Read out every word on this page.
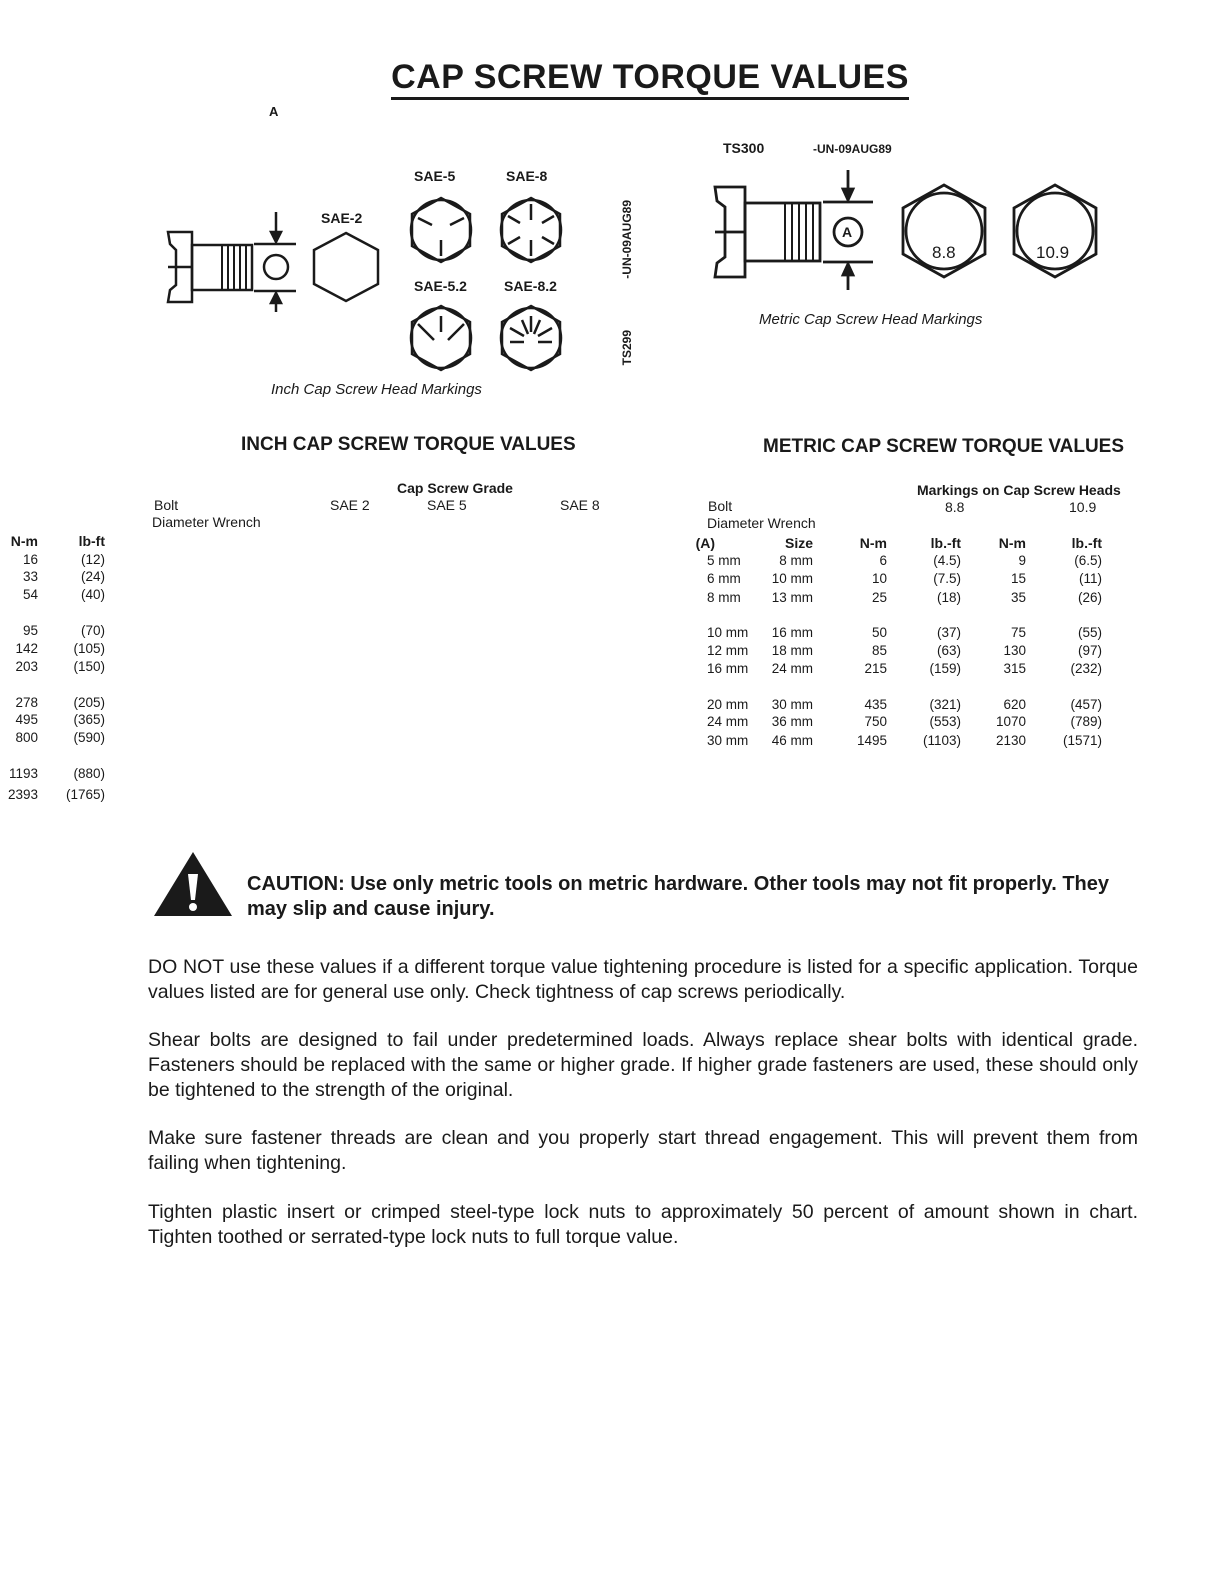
CAP SCREW TORQUE VALUES
A
SAE-2
SAE-5	SAE-8
SAE-5.2	SAE-8.2
-UN-09AUG89
TS299
Inch Cap Screw Head Markings
TS300	-UN-09AUG89
A
8.8	10.9
Metric Cap Screw Head Markings
INCH CAP SCREW TORQUE VALUES
Cap Screw Grade
Bolt	SAE 2	SAE 5	SAE 8
Diameter Wrench
N-m	lb-ft
16	(12)
33	(24)
54	(40)
95	(70)
142	(105)
203	(150)
278	(205)
495	(365)
800	(590)
1193	(880)
2393 (1765)
METRIC CAP SCREW TORQUE VALUES
Markings on Cap Screw Heads
Bolt	8.8	10.9
Diameter Wrench
(A)	Size	N-m	lb.-ft	N-m	lb.-ft
5 mm	8 mm	6	(4.5)	9	(6.5)
6 mm 10 mm	10	(7.5)	15	(11)
8 mm 13 mm	25	(18)	35	(26)
10 mm 16 mm	50	(37)	75	(55)
12 mm 18 mm	85	(63)	130	(97)
16 mm 24 mm	215	(159)	315	(232)
20 mm 30 mm	435	(321)	620	(457)
24 mm 36 mm	750	(553)	1070	(789)
30 mm 46 mm	1495	(1103)	2130	(1571)
CAUTION: Use only metric tools on metric hardware. Other tools may not fit properly. They may slip and cause injury.
DO NOT use these values if a different torque value tightening procedure is listed for a specific application. Torque values listed are for general use only. Check tightness of cap screws periodically.
Shear bolts are designed to fail under predetermined loads. Always replace shear bolts with identical grade. Fasteners should be replaced with the same or higher grade. If higher grade fasteners are used, these should only be tightened to the strength of the original.
Make sure fastener threads are clean and you properly start thread engagement. This will prevent them from failing when tightening.
Tighten plastic insert or crimped steel-type lock nuts to approximately 50 percent of amount shown in chart. Tighten toothed or serrated-type lock nuts to full torque value.
